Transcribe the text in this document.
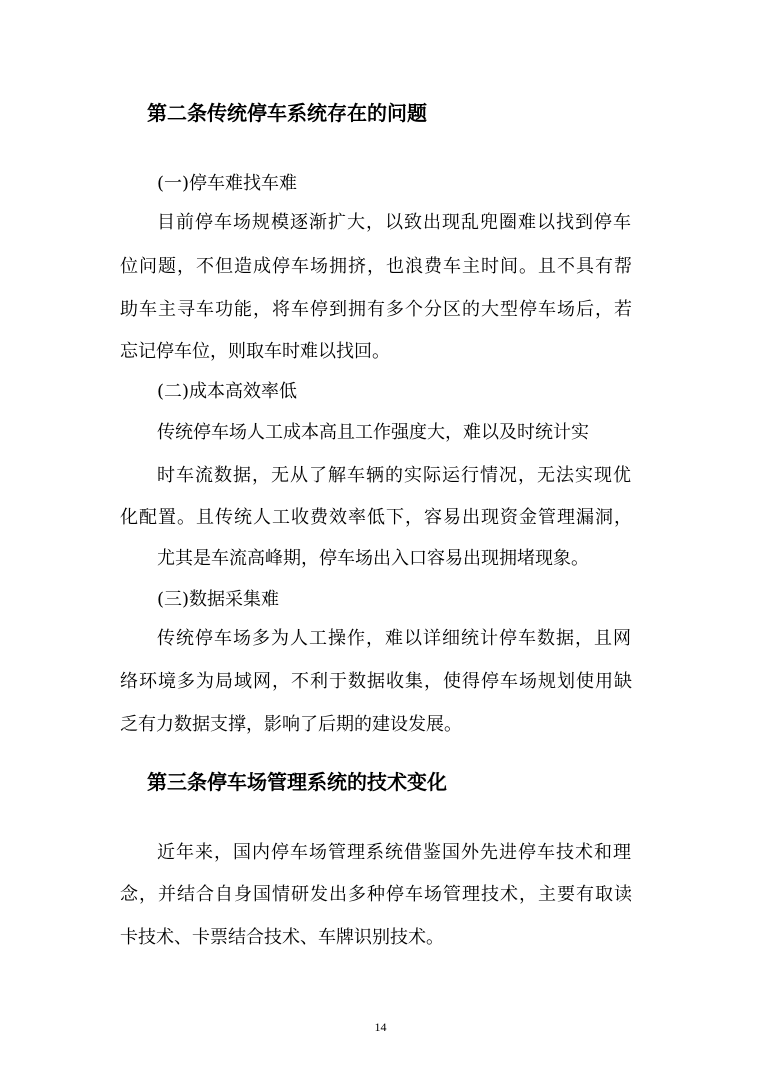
第二条传统停车系统存在的问题

(一)停车难找车难

目前停车场规模逐渐扩大，以致出现乱兜圈难以找到停车

位问题，不但造成停车场拥挤，也浪费车主时间。且不具有帮

助车主寻车功能，将车停到拥有多个分区的大型停车场后，若

忘记停车位，则取车时难以找回。

(二)成本高效率低

传统停车场人工成本高且工作强度大，难以及时统计实

时车流数据，无从了解车辆的实际运行情况，无法实现优

化配置。且传统人工收费效率低下，容易出现资金管理漏洞，

尤其是车流高峰期，停车场出入口容易出现拥堵现象。

(三)数据采集难

传统停车场多为人工操作，难以详细统计停车数据，且网

络环境多为局域网，不利于数据收集，使得停车场规划使用缺

乏有力数据支撑，影响了后期的建设发展。

第三条停车场管理系统的技术变化

近年来，国内停车场管理系统借鉴国外先进停车技术和理

念，并结合自身国情研发出多种停车场管理技术，主要有取读

卡技术、卡票结合技术、车牌识别技术。

14
